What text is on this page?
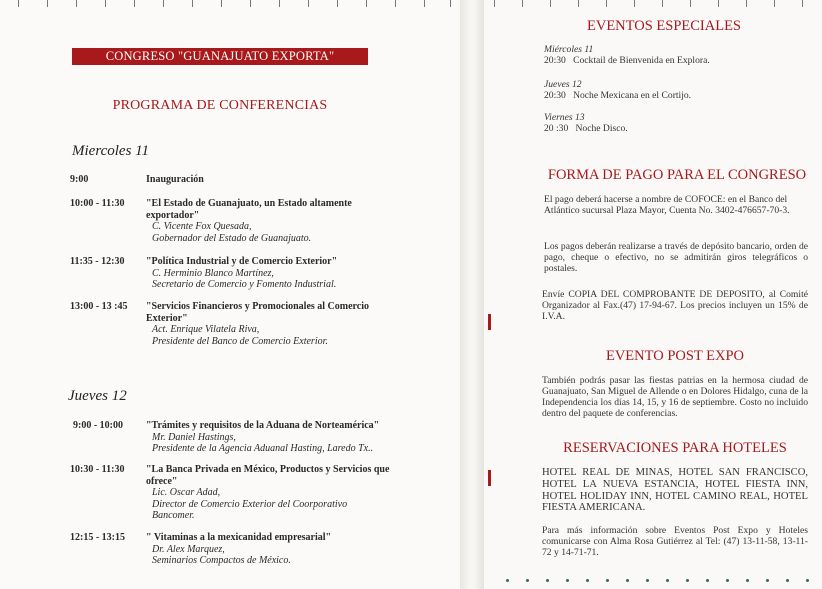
CONGRESO "GUANAJUATO EXPORTA"
PROGRAMA DE CONFERENCIAS
Miercoles 11
9:00	Inauguración
10:00 - 11:30	"El Estado de Guanajuato, un Estado altamente exportador"
C. Vicente Fox Quesada,
Gobernador del Estado de Guanajuato.
11:35 - 12:30	"Política Industrial y de Comercio Exterior"
C. Herminio Blanco Martínez,
Secretario de Comercio y Fomento Industrial.
13:00 - 13 :45	"Servicios Financieros y Promocionales al Comercio Exterior"
Act. Enrique Vilatela Riva,
Presidente del Banco de Comercio Exterior.
Jueves 12
9:00 - 10:00	"Trámites y requisitos de la Aduana de Norteamérica"
Mr. Daniel Hastings,
Presidente de la Agencia Aduanal Hasting, Laredo Tx..
10:30 - 11:30	"La Banca Privada en México, Productos y Servicios que ofrece"
Lic. Oscar Adad,
Director de Comercio Exterior del Coorporativo Bancomer.
12:15 - 13:15	" Vitaminas a la mexicanidad empresarial"
Dr. Alex Marquez,
Seminarios Compactos de México.
EVENTOS ESPECIALES
Miércoles 11
20:30 Cocktail de Bienvenida en Explora.
Jueves 12
20:30 Noche Mexicana en el Cortijo.
Viernes 13
20 :30 Noche Disco.
FORMA DE PAGO PARA EL CONGRESO
El pago deberá hacerse a nombre de COFOCE: en el Banco del Atlántico sucursal Plaza Mayor, Cuenta No. 3402-476657-70-3.
Los pagos deberán realizarse a través de depósito bancario, orden de pago, cheque o efectivo, no se admitirán giros telegráficos o postales.
Envíe COPIA DEL COMPROBANTE DE DEPOSITO, al Comité Organizador al Fax.(47) 17-94-67. Los precios incluyen un 15% de I.V.A.
EVENTO POST EXPO
También podrás pasar las fiestas patrias en la hermosa ciudad de Guanajuato, San Miguel de Allende o en Dolores Hidalgo, cuna de la Independencia los días 14, 15, y 16 de septiembre. Costo no incluido dentro del paquete de conferencias.
RESERVACIONES PARA HOTELES
HOTEL REAL DE MINAS, HOTEL SAN FRANCISCO, HOTEL LA NUEVA ESTANCIA, HOTEL FIESTA INN, HOTEL HOLIDAY INN, HOTEL CAMINO REAL, HOTEL FIESTA AMERICANA.
Para más información sobre Eventos Post Expo y Hoteles comunicarse con Alma Rosa Gutiérrez al Tel: (47) 13-11-58, 13-11-72 y 14-71-71.
